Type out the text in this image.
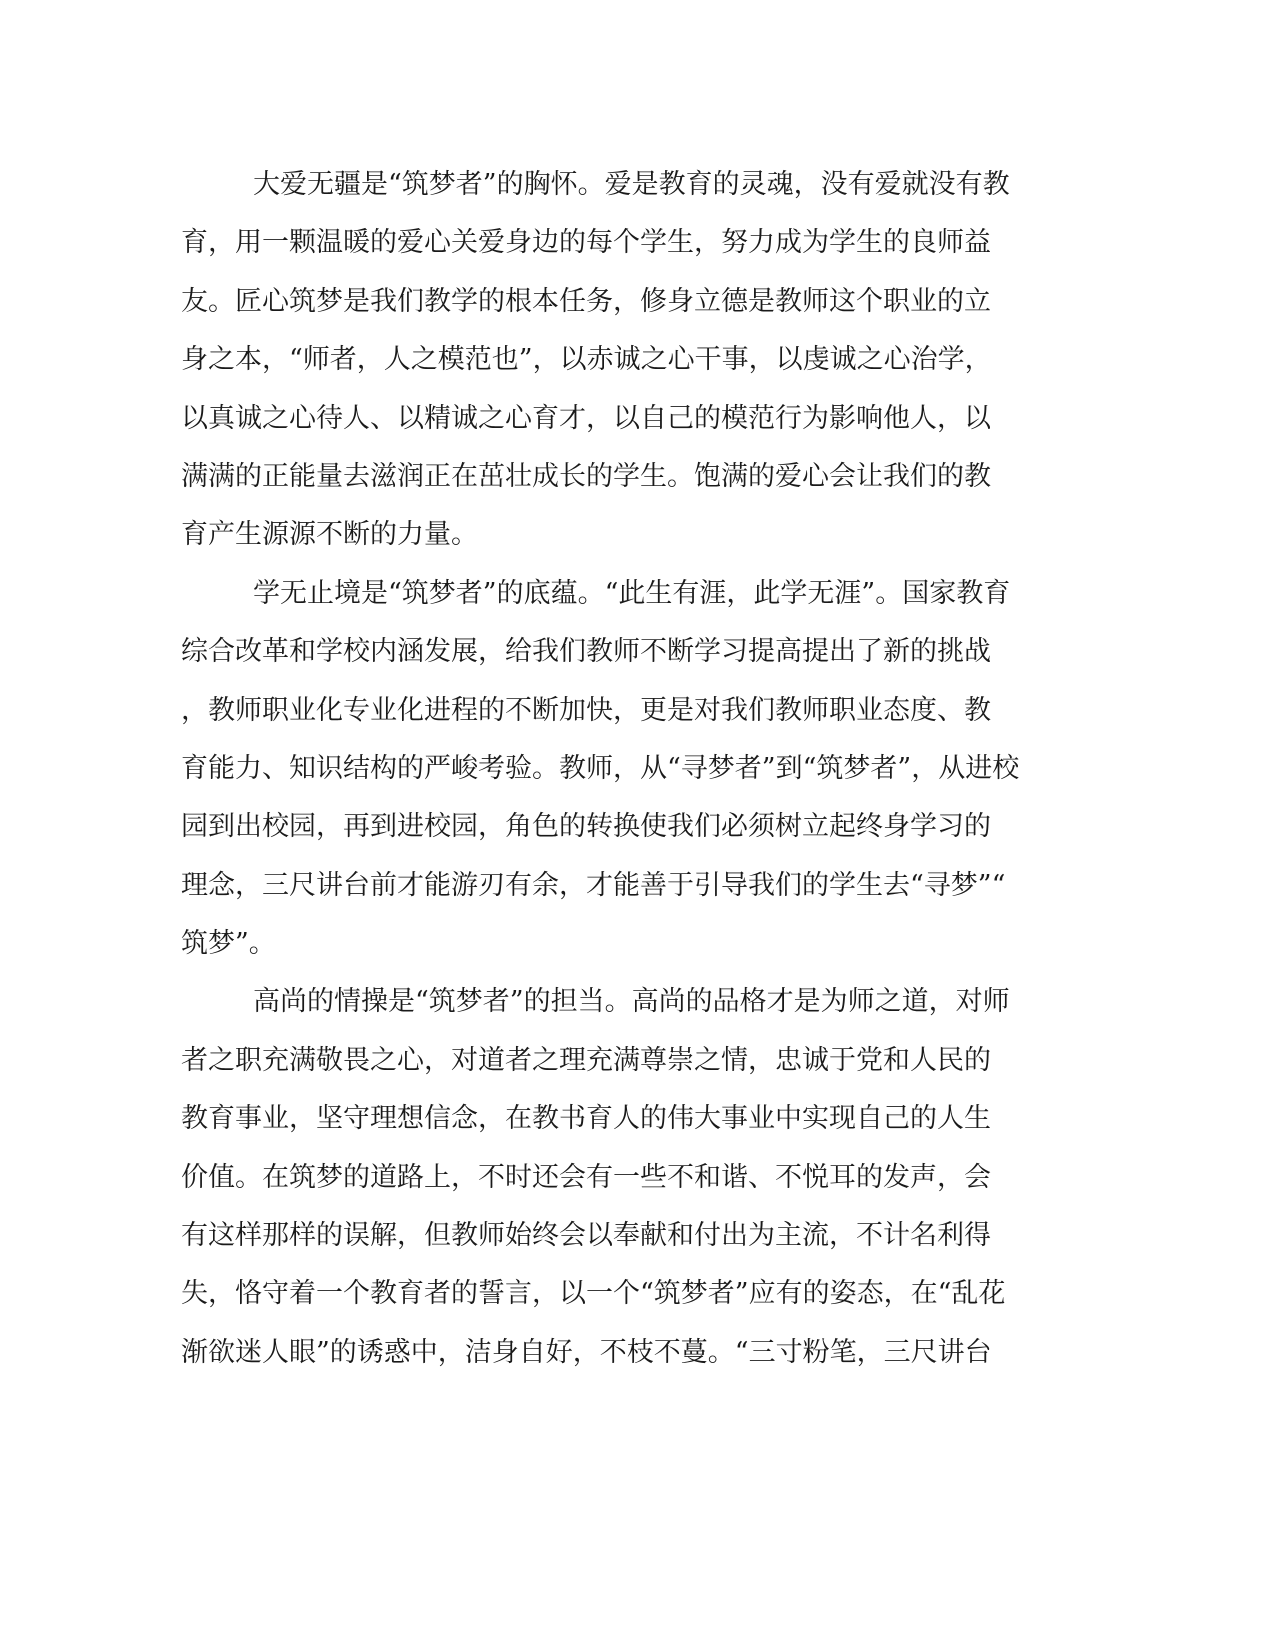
大爱无疆是“筑梦者”的胸怀。爱是教育的灵魂，没有爱就没有教
育，用一颗温暖的爱心关爱身边的每个学生，努力成为学生的良师益
友。匠心筑梦是我们教学的根本任务，修身立德是教师这个职业的立
身之本，“师者，人之模范也”，以赤诚之心干事，以虔诚之心治学，
以真诚之心待人、以精诚之心育才，以自己的模范行为影响他人，以
满满的正能量去滋润正在茁壮成长的学生。饱满的爱心会让我们的教
育产生源源不断的力量。
学无止境是“筑梦者”的底蕴。“此生有涯，此学无涯”。国家教育
综合改革和学校内涵发展，给我们教师不断学习提高提出了新的挑战
，教师职业化专业化进程的不断加快，更是对我们教师职业态度、教
育能力、知识结构的严峻考验。教师，从“寻梦者”到“筑梦者”，从进校
园到出校园，再到进校园，角色的转换使我们必须树立起终身学习的
理念，三尺讲台前才能游刃有余，才能善于引导我们的学生去“寻梦”“
筑梦”。
高尚的情操是“筑梦者”的担当。高尚的品格才是为师之道，对师
者之职充满敬畏之心，对道者之理充满尊崇之情，忠诚于党和人民的
教育事业，坚守理想信念，在教书育人的伟大事业中实现自己的人生
价值。在筑梦的道路上，不时还会有一些不和谐、不悦耳的发声，会
有这样那样的误解，但教师始终会以奉献和付出为主流，不计名利得
失，恪守着一个教育者的誓言，以一个“筑梦者”应有的姿态，在“乱花
渐欲迷人眼”的诱惑中，洁身自好，不枝不蔓。“三寸粉笔，三尺讲台
